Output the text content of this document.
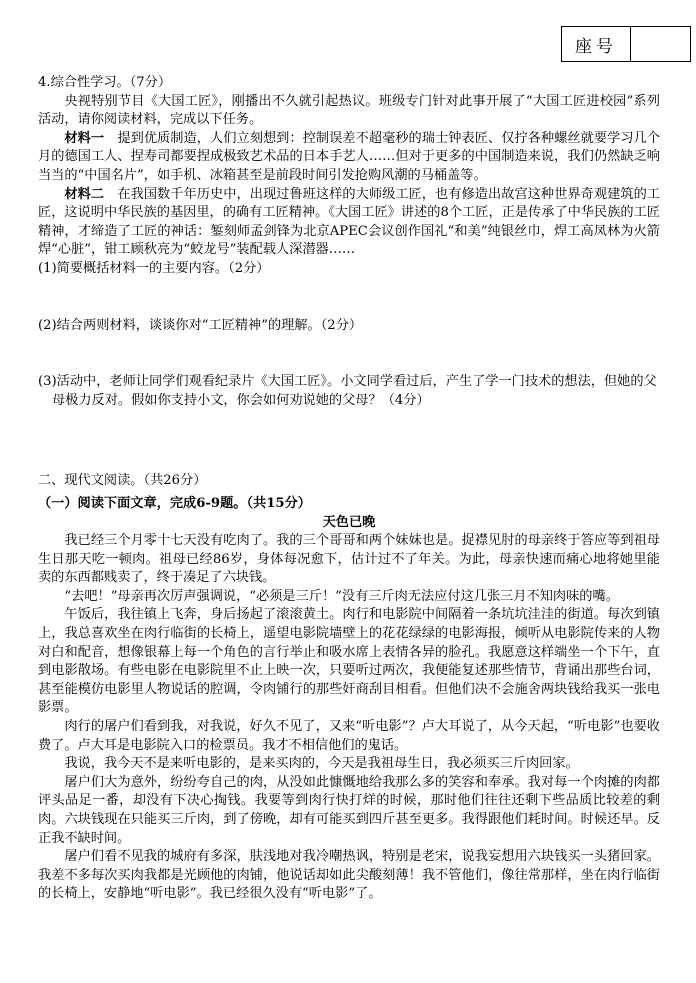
座号

4.综合性学习。（7分）

央视特别节目《大国工匠》，刚播出不久就引起热议。班级专门针对此事开展了“大国工匠进校园”系列活动，请你阅读材料，完成以下任务。

材料一　提到优质制造，人们立刻想到：控制误差不超毫秒的瑞士钟表匠、仅拧各种螺丝就要学习几个月的德国工人、捏寿司都要捏成极致艺术品的日本手艺人……但对于更多的中国制造来说，我们仍然缺乏响当当的“中国名片”，如手机、冰箱甚至是前段时间引发抢购风潮的马桶盖等。

材料二　在我国数千年历史中，出现过鲁班这样的大师级工匠，也有修造出故宫这种世界奇观建筑的工匠，这说明中华民族的基因里，的确有工匠精神。《大国工匠》讲述的8个工匠，正是传承了中华民族的工匠精神，才缔造了工匠的神话：錾刻师孟剑锋为北京APEC会议创作国礼“和美”纯银丝巾，焊工高凤林为火箭焊“心脏”，钳工顾秋亮为“蛟龙号”装配载人深潜器……

(1)简要概括材料一的主要内容。（2分）

(2)结合两则材料，谈谈你对“工匠精神”的理解。（2分）

(3)活动中，老师让同学们观看纪录片《大国工匠》。小文同学看过后，产生了学一门技术的想法，但她的父母极力反对。假如你支持小文，你会如何劝说她的父母？（4分）

二、现代文阅读。（共26分）

（一）阅读下面文章，完成6-9题。（共15分）

天色已晚

我已经三个月零十七天没有吃肉了。我的三个哥哥和两个妹妹也是。捉襟见肘的母亲终于答应等到祖母生日那天吃一顿肉。祖母已经86岁，身体每况愈下，估计过不了年关。为此，母亲快速而痛心地将她里能卖的东西都贱卖了，终于凑足了六块钱。

“去吧！”母亲再次厉声强调说，“必须是三斤！”没有三斤肉无法应付这几张三月不知肉味的嘴。

午饭后，我往镇上飞奔，身后扬起了滚滚黄土。肉行和电影院中间隔着一条坑坑洼洼的街道。每次到镇上，我总喜欢坐在肉行临街的长椅上，遥望电影院墙壁上的花花绿绿的电影海报，倾听从电影院传来的人物对白和配音，想像银幕上每一个角色的言行举止和吸水席上表情各异的脸孔。我愿意这样端坐一个下午，直到电影散场。有些电影在电影院里不止上映一次，只要听过两次，我便能复述那些情节，背诵出那些台词，甚至能模仿电影里人物说话的腔调，令肉铺行的那些奸商刮目相看。但他们决不会施舍两块钱给我买一张电影票。

肉行的屠户们看到我，对我说，好久不见了，又来“听电影”？卢大耳说了，从今天起，“听电影”也要收费了。卢大耳是电影院入口的检票员。我才不相信他们的鬼话。

我说，我今天不是来听电影的，是来买肉的，今天是我祖母生日，我必须买三斤肉回家。

屠户们大为意外，纷纷夸自己的肉，从没如此慷慨地给我那么多的笑容和奉承。我对每一个肉摊的肉都评头品足一番，却没有下决心掏钱。我要等到肉行快打烊的时候，那时他们往往还剩下些品质比较差的剩肉。六块钱现在只能买三斤肉，到了傍晚，却有可能买到四斤甚至更多。我得跟他们耗时间。时候还早。反正我不缺时间。

屠户们看不见我的城府有多深，肤浅地对我冷嘲热讽，特别是老宋，说我妄想用六块钱买一头猪回家。我差不多每次买肉我都是光顾他的肉铺，他说话却如此尖酸刻薄！我不管他们，像往常那样，坐在肉行临街的长椅上，安静地“听电影”。我已经很久没有“听电影”了。
